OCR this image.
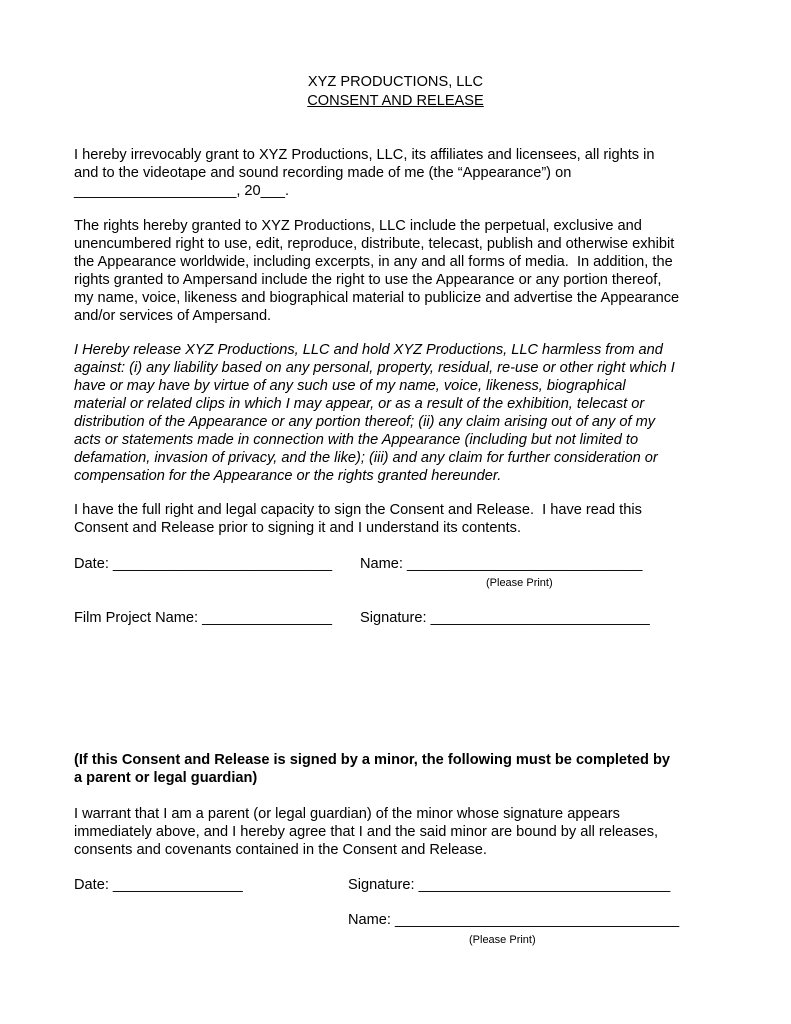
XYZ PRODUCTIONS, LLC
CONSENT AND RELEASE
I hereby irrevocably grant to XYZ Productions, LLC, its affiliates and licensees, all rights in
and to the videotape and sound recording made of me (the “Appearance”) on
____________________, 20___.
The rights hereby granted to XYZ Productions, LLC include the perpetual, exclusive and
unencumbered right to use, edit, reproduce, distribute, telecast, publish and otherwise exhibit
the Appearance worldwide, including excerpts, in any and all forms of media.  In addition, the
rights granted to Ampersand include the right to use the Appearance or any portion thereof,
my name, voice, likeness and biographical material to publicize and advertise the Appearance
and/or services of Ampersand.
I Hereby release XYZ Productions, LLC and hold XYZ Productions, LLC harmless from and
against: (i) any liability based on any personal, property, residual, re-use or other right which I
have or may have by virtue of any such use of my name, voice, likeness, biographical
material or related clips in which I may appear, or as a result of the exhibition, telecast or
distribution of the Appearance or any portion thereof; (ii) any claim arising out of any of my
acts or statements made in connection with the Appearance (including but not limited to
defamation, invasion of privacy, and the like); (iii) and any claim for further consideration or
compensation for the Appearance or the rights granted hereunder.
I have the full right and legal capacity to sign the Consent and Release.  I have read this
Consent and Release prior to signing it and I understand its contents.
Date: ___________________________ Name: _____________________________
(Please Print)
Film Project Name: ________________ Signature: ___________________________
(If this Consent and Release is signed by a minor, the following must be completed by
a parent or legal guardian)
I warrant that I am a parent (or legal guardian) of the minor whose signature appears
immediately above, and I hereby agree that I and the said minor are bound by all releases,
consents and covenants contained in the Consent and Release.
Date: ________________	Signature: _______________________________
Name: ___________________________________
(Please Print)
